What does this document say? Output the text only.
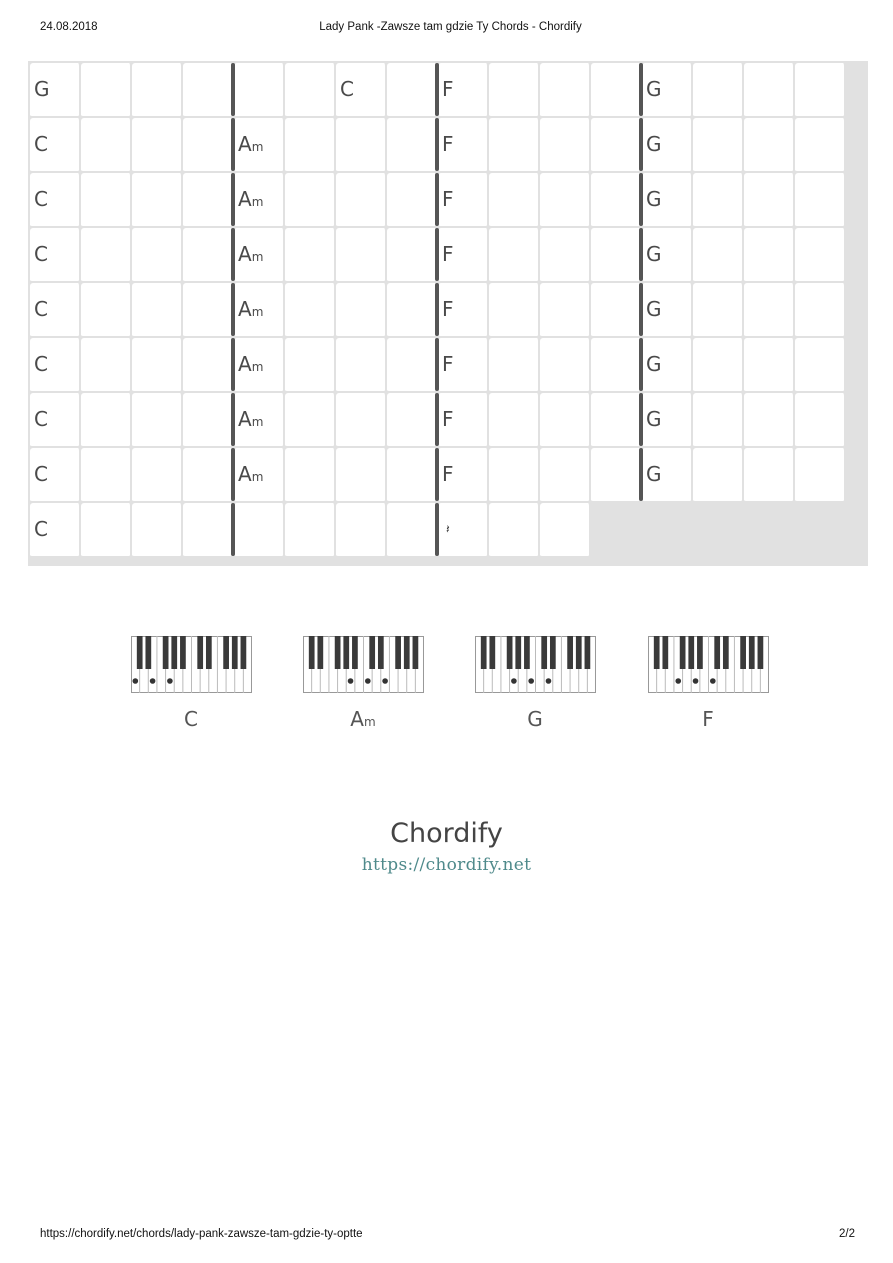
24.08.2018	Lady Pank -Zawsze tam gdzie Ty Chords - Chordify
G	C	F	G
C	Am	F	G
C	Am	F	G
C	Am	F	G
C	Am	F	G
C	Am	F	G
C	Am	F	G
C	Am	F	G
C	𝄽
C	Am	G	F
Chordify
https://chordify.net
https://chordify.net/chords/lady-pank-zawsze-tam-gdzie-ty-optte	2/2
